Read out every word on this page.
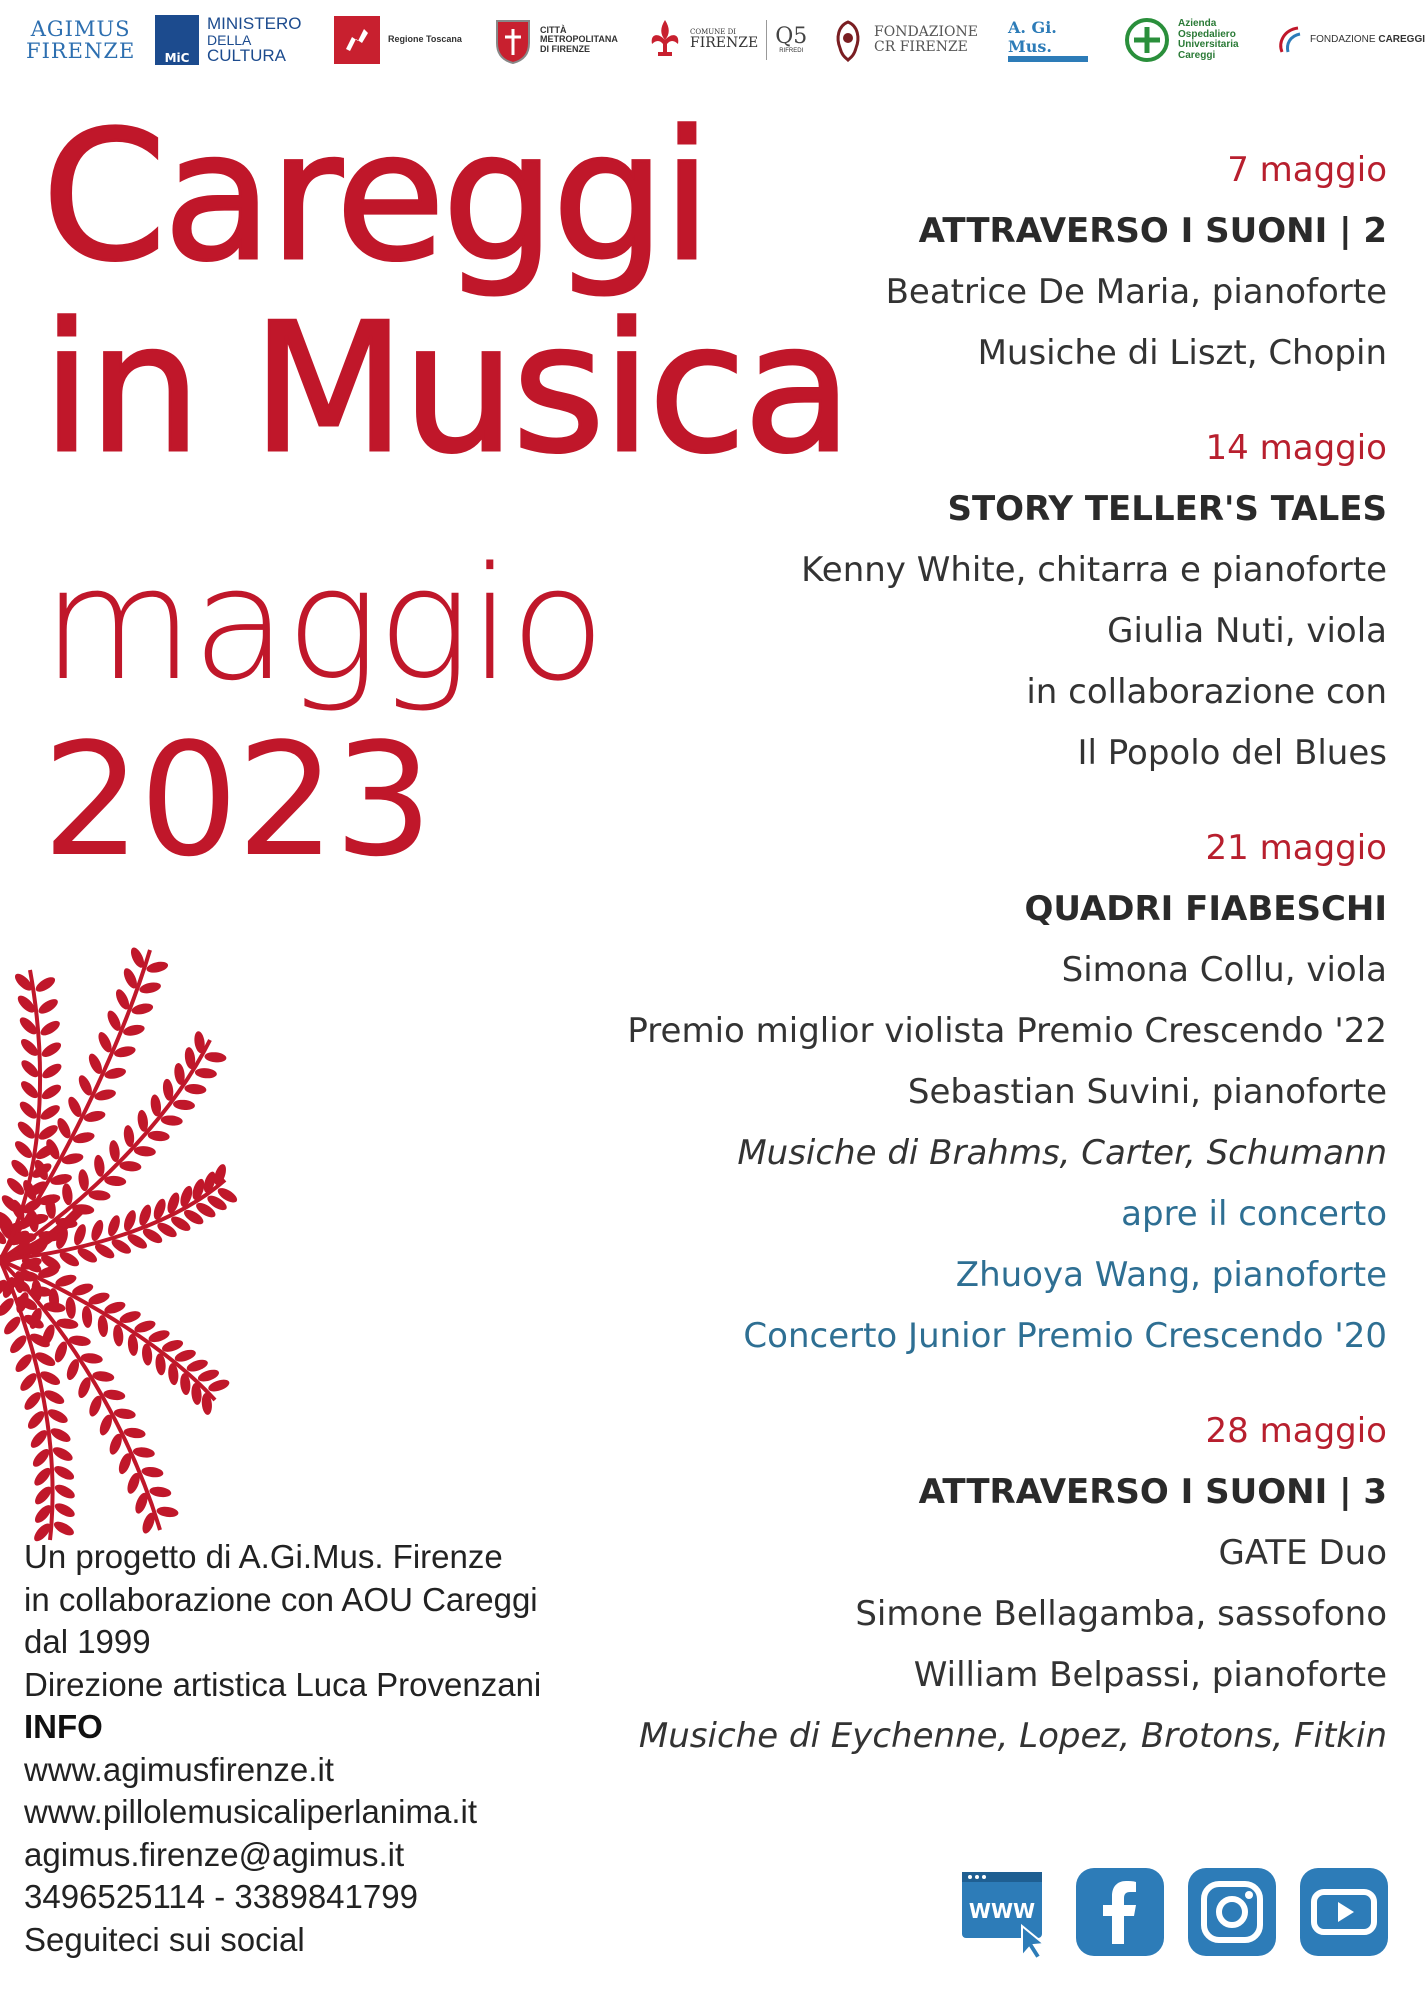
AGIMUS
FIRENZE	MiC
MINISTERO
DELLA
CULTURA
Regione Toscana
CITTÀ
METROPOLITANA
DI FIRENZE
COMUNE DI
FIRENZE Q5
RIFREDI
FONDAZIONE
CR FIRENZE
A. Gi. Mus.
Azienda
Ospedaliero
Universitaria
Careggi
FONDAZIONE CAREGGI
Careggi
in Musica
maggio
2023
7 maggio
ATTRAVERSO I SUONI | 2
Beatrice De Maria, pianoforte
Musiche di Liszt, Chopin
14 maggio
STORY TELLER'S TALES
Kenny White, chitarra e pianoforte
Giulia Nuti, viola
in collaborazione con
Il Popolo del Blues
21 maggio
QUADRI FIABESCHI
Simona Collu, viola
Premio miglior violista Premio Crescendo '22
Sebastian Suvini, pianoforte
Musiche di Brahms, Carter, Schumann
apre il concerto
Zhuoya Wang, pianoforte
Concerto Junior Premio Crescendo '20
28 maggio
ATTRAVERSO I SUONI | 3
GATE Duo
Simone Bellagamba, sassofono
William Belpassi, pianoforte
Musiche di Eychenne, Lopez, Brotons, Fitkin
Un progetto di A.Gi.Mus. Firenze
in collaborazione con AOU Careggi
dal 1999
Direzione artistica Luca Provenzani
INFO
www.agimusfirenze.it
www.pillolemusicaliperlanima.it
agimus.firenze@agimus.it
3496525114 - 3389841799
Seguiteci sui social
WWW
